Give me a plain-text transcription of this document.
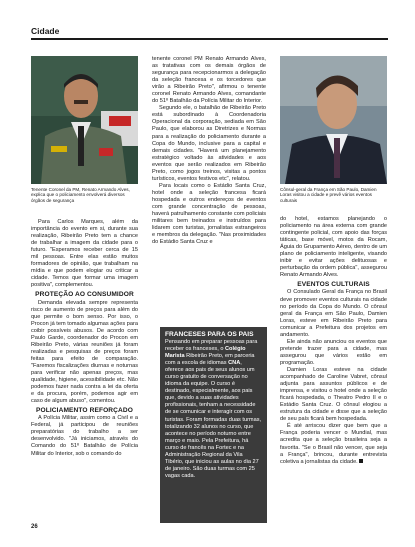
Cidade
Tenente Coronel da PM, Renato Armando Alves, explica que o policiamento envolverá diversos órgãos de segurança
Cônsul-geral da França em São Paulo, Damien Loras visitou a cidade e prevê vários eventos culturais

Para Carlos Marques, além da importância do evento em si, durante sua realização, Ribeirão Preto tem a chance de trabalhar a imagem da cidade para o futuro. "Esperamos receber cerca de 15 mil pessoas. Entre elas estão muitos formadores de opinião, que trabalham na mídia e que podem elogiar ou criticar a cidade. Temos que formar uma imagem positiva", complementou.

PROTEÇÃO AO CONSUMIDOR

Demanda elevada sempre representa risco de aumento de preços para além do que permite o bom senso. Por isso, o Procon já tem tomado algumas ações para coibir possíveis abusos. De acordo com Paulo Garde, coordenador do Procon em Ribeirão Preto, várias reuniões já foram realizadas e pesquisas de preços foram feitas para efeito de comparação. "Faremos fiscalizações diurnas e noturnas para verificar não apenas preços, mas qualidade, higiene, acessibilidade etc. Não podemos fazer nada contra a lei da oferta e da procura, porém, podemos agir em caso de algum abuso", comentou.

POLICIAMENTO REFORÇADO

A Polícia Militar, assim como a Civil e a Federal, já participou de reuniões preparatórias do trabalho a ser desenvolvido. "Já iniciamos, através do Comando do 51º Batalhão de Polícia Militar do Interior, sob o comando do

tenente coronel PM Renato Armando Alves, as tratativas com os demais órgãos de segurança para recepcionarmos a delegação da seleção francesa e os torcedores que virão a Ribeirão Preto", afirmou o tenente coronel Renato Armando Alves, comandante do 51º Batalhão da Polícia Militar do Interior.

Segundo ele, o batalhão de Ribeirão Preto está subordinado à Coordenadoria Operacional da corporação, sediada em São Paulo, que elaborou as Diretrizes e Normas para a realização do policiamento durante a Copa do Mundo, inclusive para a capital e demais cidades. "Haverá um planejamento estratégico voltado às atividades e aos eventos que serão realizados em Ribeirão Preto, como jogos treinos, visitas a pontos turísticos, eventos festivos etc", relatou.

Para locais como o Estádio Santa Cruz, hotel onde a seleção francesa ficará hospedada e outros endereços de eventos com grande concentração de pessoas, haverá patrulhamento constante com policiais militares bem treinados e instruídos para lidarem com turistas, jornalistas estrangeiros e membros da delegação. "Nas proximidades do Estádio Santa Cruz e

FRANCESES PARA OS PAIS

Pensando em preparar pessoas para receber os franceses, o Colégio Marista Ribeirão Preto, em parceria com a escola de idiomas CNA, oferece aos pais de seus alunos um curso gratuito de conversação no idioma da equipe. O curso é destinado, especialmente, aos pais que, devido a suas atividades profissionais, tenham a necessidade de se comunicar e interagir com os turistas. Foram formadas duas turmas, totalizando 32 alunos no curso, que acontece no período noturno entre março e maio. Pela Prefeitura, há curso de francês na Fortec e na Administração Regional da Vila Tibério, que iniciou as aulas no dia 27 de janeiro. São duas turmas com 25 vagas cada.

do hotel, estamos planejando o policiamento na área externa com grande contingente policial, com apoio das forças táticas, base móvel, motos da Rocam, Águia do Grupamento Aéreo, dentro de um plano de policiamento inteligente, visando inibir e evitar ações delituosas e perturbação da ordem pública", assegurou Renato Armando Alves.

EVENTOS CULTURAIS

O Consulado Geral da França no Brasil deve promover eventos culturais na cidade no período da Copa do Mundo. O cônsul geral da França em São Paulo, Damien Loras, esteve em Ribeirão Preto para comunicar a Prefeitura dos projetos em andamento.

Ele ainda não anunciou os eventos que pretende trazer para a cidade, mas assegurou que vários estão em programação.

Damien Loras esteve na cidade acompanhado de Caroline Vabret, cônsul adjunta para assuntos públicos e de imprensa, e visitou o hotel onde a seleção ficará hospedada, o Theatro Pedro II e o Estádio Santa Cruz. O cônsul elogiou a estrutura da cidade e disse que a seleção de seu país ficará bem hospedada.

É até arriscou dizer que bem que a França poderia vencer o Mundial, mas acredita que a seleção brasileira seja a favorita. "Se o Brasil não vencer, que seja a França", brincou, durante entrevista coletiva a jornalistas da cidade.

26
